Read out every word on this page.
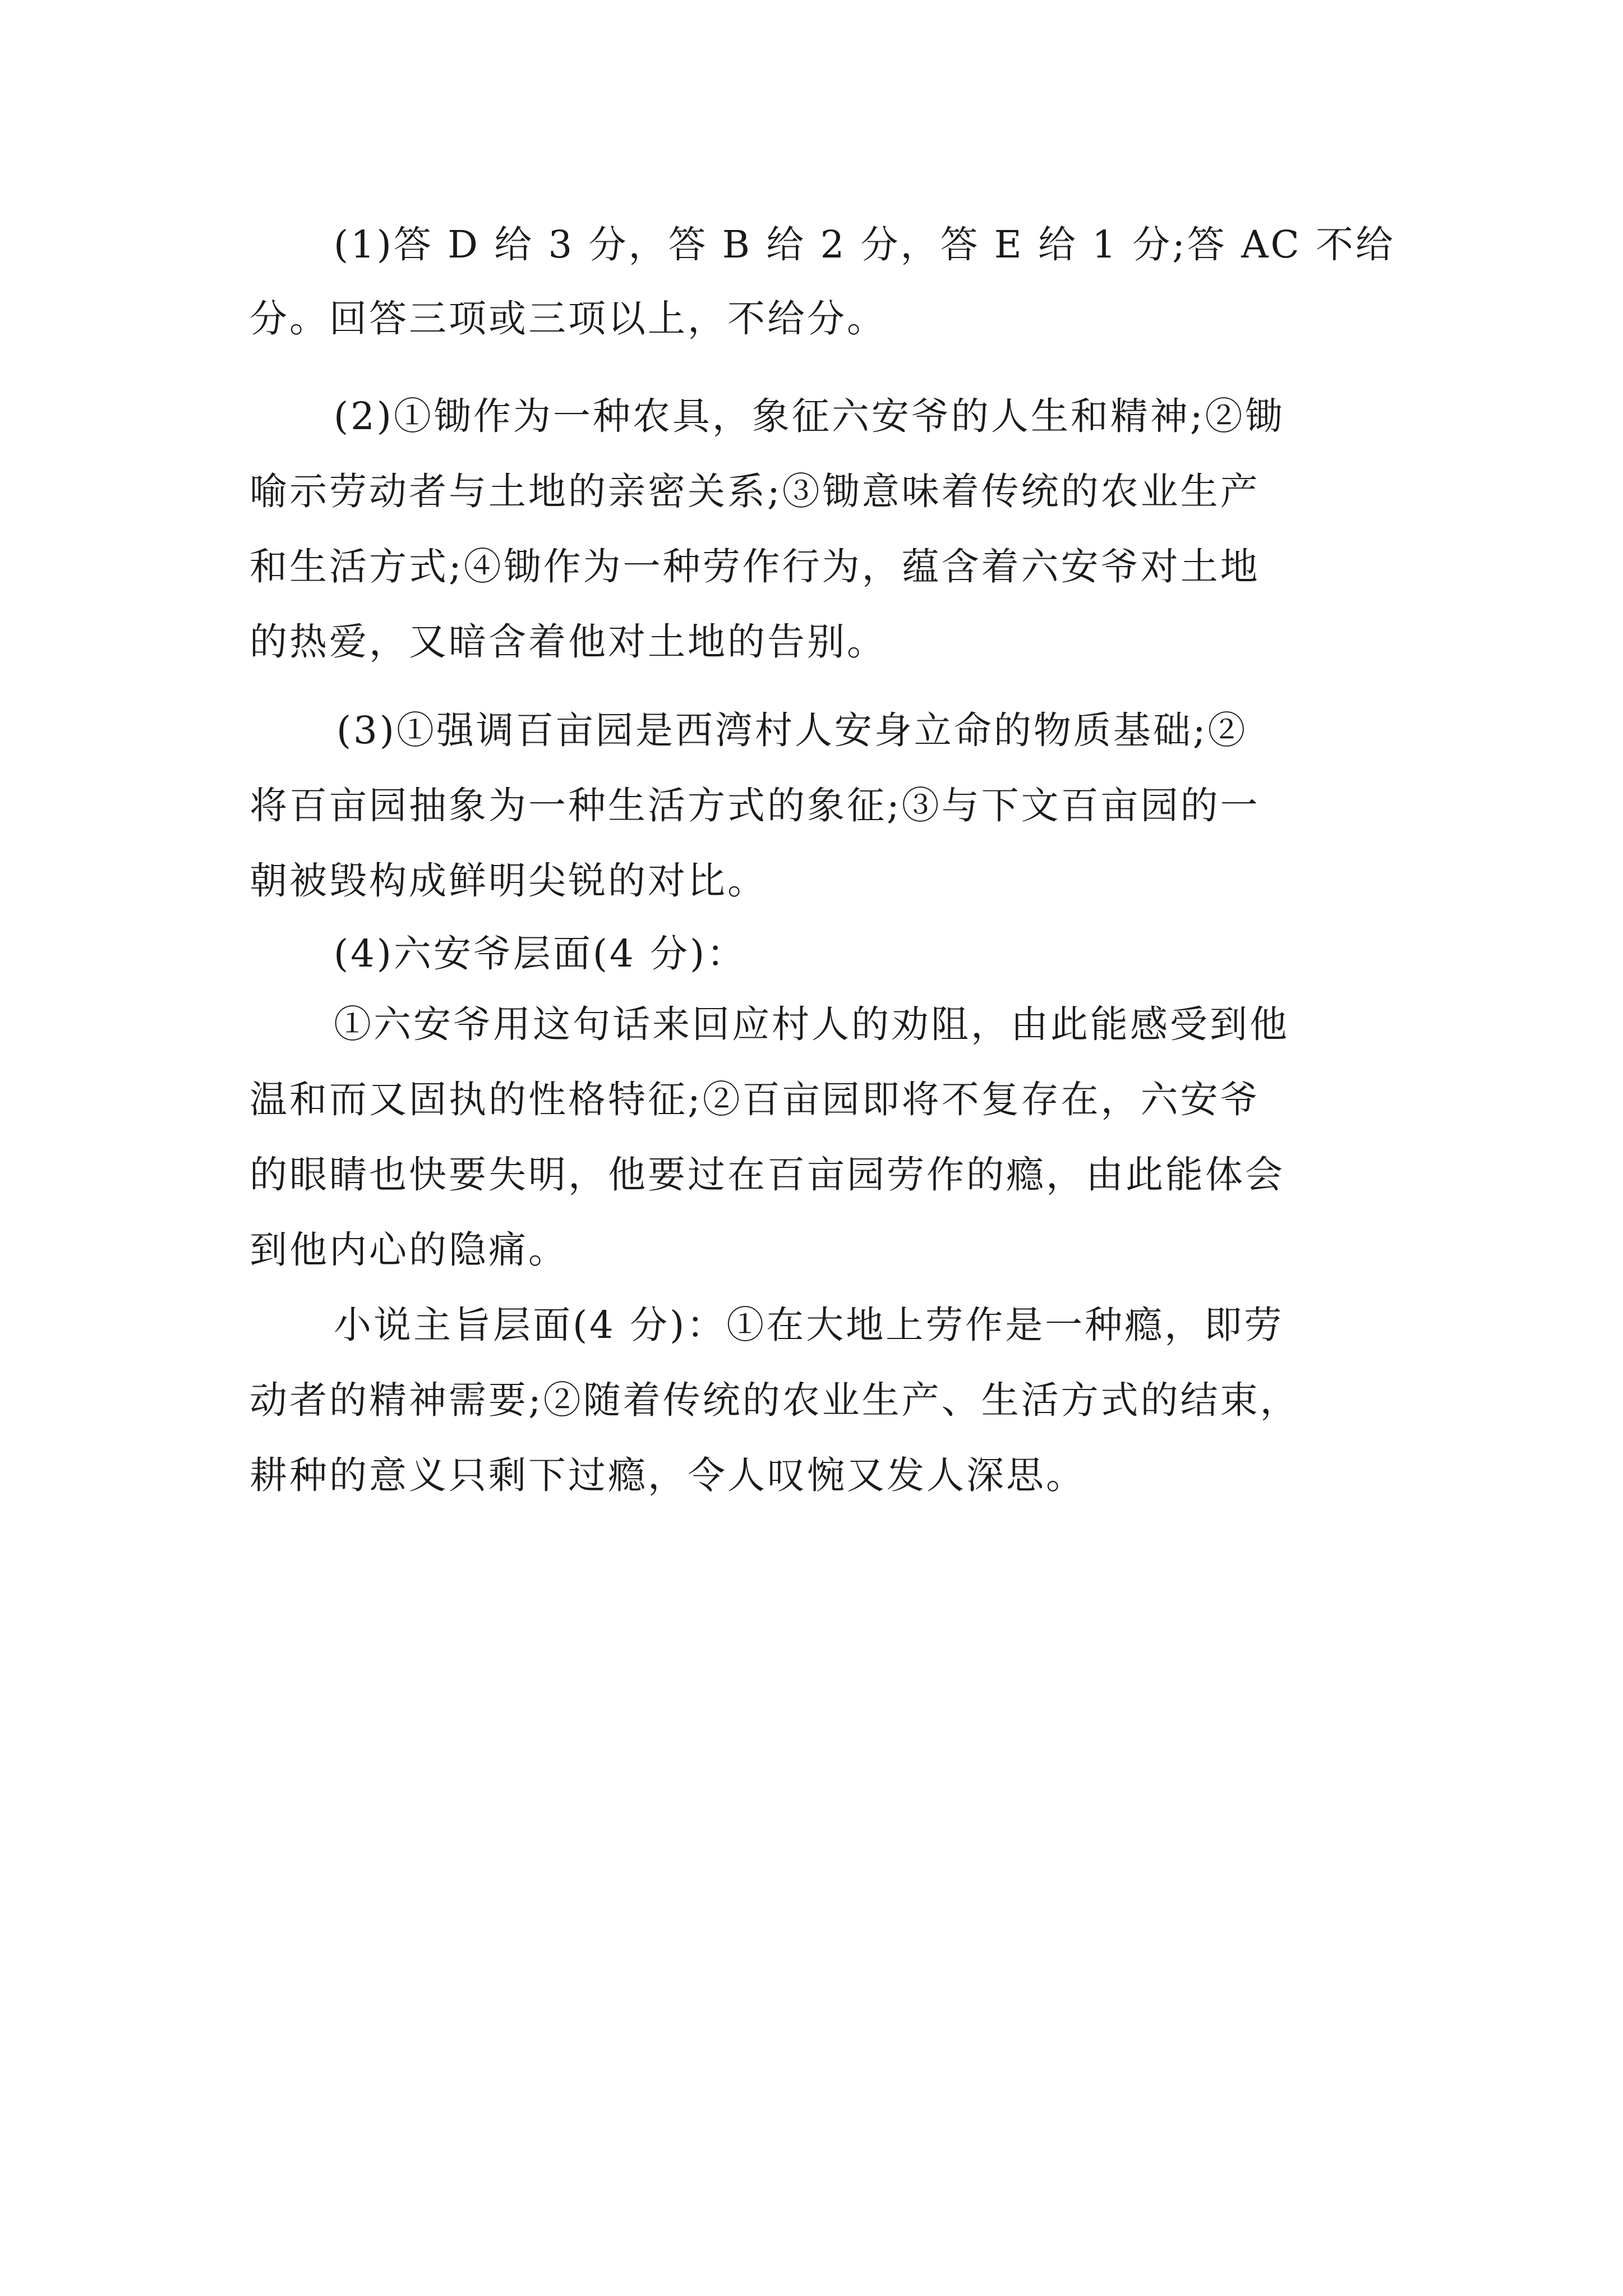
(1)答 D 给 3 分，答 B 给 2 分，答 E 给 1 分;答 AC 不给

分。回答三项或三项以上，不给分。

(2)①锄作为一种农具，象征六安爷的人生和精神;②锄

喻示劳动者与土地的亲密关系;③锄意味着传统的农业生产

和生活方式;④锄作为一种劳作行为，蕴含着六安爷对土地

的热爱，又暗含着他对土地的告别。

(3)①强调百亩园是西湾村人安身立命的物质基础;②

将百亩园抽象为一种生活方式的象征;③与下文百亩园的一

朝被毁构成鲜明尖锐的对比。

(4)六安爷层面(4 分)：

①六安爷用这句话来回应村人的劝阻，由此能感受到他

温和而又固执的性格特征;②百亩园即将不复存在，六安爷

的眼睛也快要失明，他要过在百亩园劳作的瘾，由此能体会

到他内心的隐痛。

小说主旨层面(4 分)：①在大地上劳作是一种瘾，即劳

动者的精神需要;②随着传统的农业生产、生活方式的结束，

耕种的意义只剩下过瘾，令人叹惋又发人深思。
